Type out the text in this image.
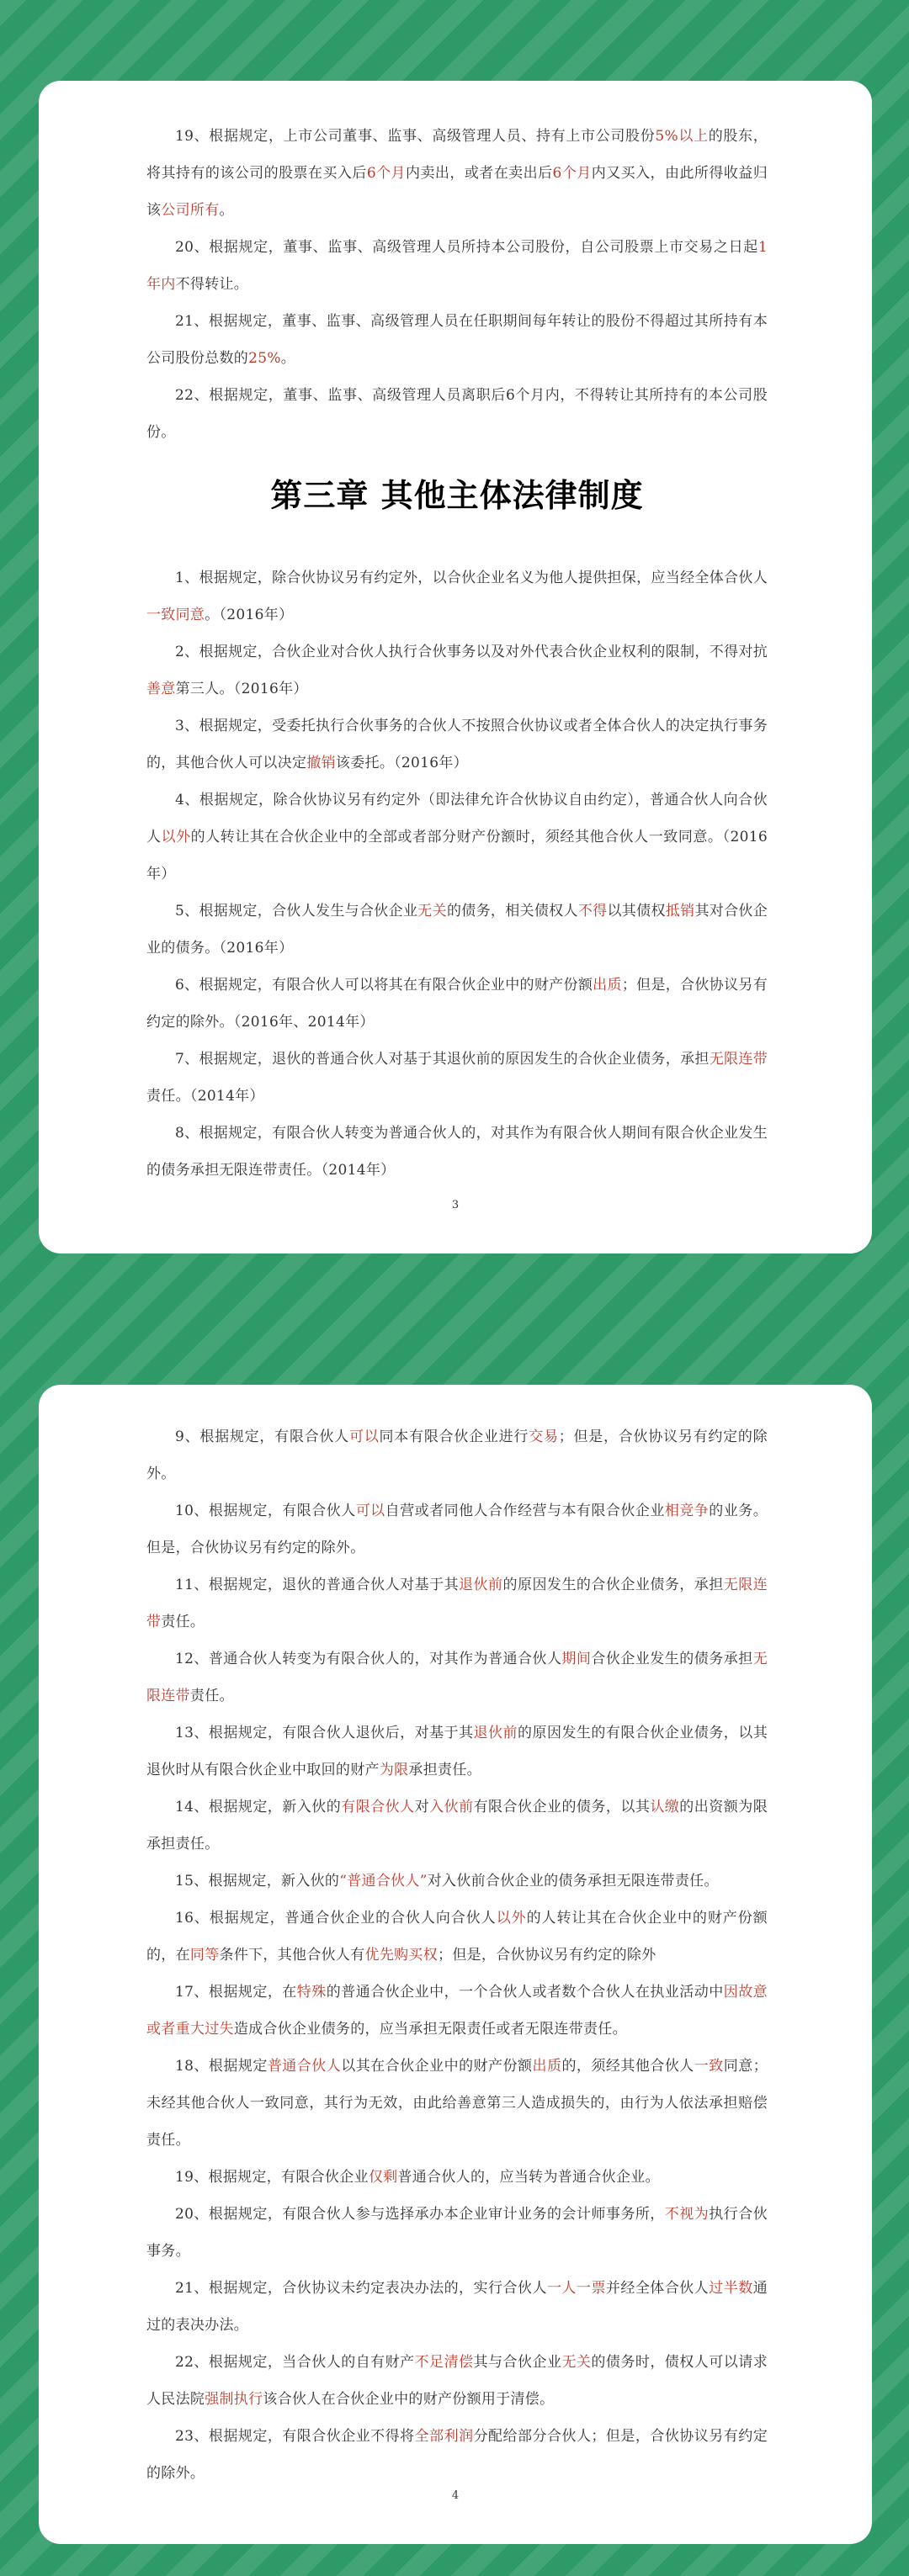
19、根据规定，上市公司董事、监事、高级管理人员、持有上市公司股份5%以上的股东，将其持有的该公司的股票在买入后6个月内卖出，或者在卖出后6个月内又买入，由此所得收益归该公司所有。

20、根据规定，董事、监事、高级管理人员所持本公司股份，自公司股票上市交易之日起1年内不得转让。

21、根据规定，董事、监事、高级管理人员在任职期间每年转让的股份不得超过其所持有本公司股份总数的25%。

22、根据规定，董事、监事、高级管理人员离职后6个月内，不得转让其所持有的本公司股份。

第三章 其他主体法律制度

1、根据规定，除合伙协议另有约定外，以合伙企业名义为他人提供担保，应当经全体合伙人一致同意。（2016年）

2、根据规定，合伙企业对合伙人执行合伙事务以及对外代表合伙企业权利的限制，不得对抗善意第三人。（2016年）

3、根据规定，受委托执行合伙事务的合伙人不按照合伙协议或者全体合伙人的决定执行事务的，其他合伙人可以决定撤销该委托。（2016年）

4、根据规定，除合伙协议另有约定外（即法律允许合伙协议自由约定），普通合伙人向合伙人以外的人转让其在合伙企业中的全部或者部分财产份额时，须经其他合伙人一致同意。（2016年）

5、根据规定，合伙人发生与合伙企业无关的债务，相关债权人不得以其债权抵销其对合伙企业的债务。（2016年）

6、根据规定，有限合伙人可以将其在有限合伙企业中的财产份额出质；但是，合伙协议另有约定的除外。（2016年、2014年）

7、根据规定，退伙的普通合伙人对基于其退伙前的原因发生的合伙企业债务，承担无限连带责任。（2014年）

8、根据规定，有限合伙人转变为普通合伙人的，对其作为有限合伙人期间有限合伙企业发生的债务承担无限连带责任。（2014年）

3

9、根据规定，有限合伙人可以同本有限合伙企业进行交易；但是，合伙协议另有约定的除外。

10、根据规定，有限合伙人可以自营或者同他人合作经营与本有限合伙企业相竞争的业务。但是，合伙协议另有约定的除外。

11、根据规定，退伙的普通合伙人对基于其退伙前的原因发生的合伙企业债务，承担无限连带责任。

12、普通合伙人转变为有限合伙人的，对其作为普通合伙人期间合伙企业发生的债务承担无限连带责任。

13、根据规定，有限合伙人退伙后，对基于其退伙前的原因发生的有限合伙企业债务，以其退伙时从有限合伙企业中取回的财产为限承担责任。

14、根据规定，新入伙的有限合伙人对入伙前有限合伙企业的债务，以其认缴的出资额为限承担责任。

15、根据规定，新入伙的“普通合伙人”对入伙前合伙企业的债务承担无限连带责任。

16、根据规定，普通合伙企业的合伙人向合伙人以外的人转让其在合伙企业中的财产份额的，在同等条件下，其他合伙人有优先购买权；但是，合伙协议另有约定的除外

17、根据规定，在特殊的普通合伙企业中，一个合伙人或者数个合伙人在执业活动中因故意或者重大过失造成合伙企业债务的，应当承担无限责任或者无限连带责任。

18、根据规定普通合伙人以其在合伙企业中的财产份额出质的，须经其他合伙人一致同意；未经其他合伙人一致同意，其行为无效，由此给善意第三人造成损失的，由行为人依法承担赔偿责任。

19、根据规定，有限合伙企业仅剩普通合伙人的，应当转为普通合伙企业。

20、根据规定，有限合伙人参与选择承办本企业审计业务的会计师事务所，不视为执行合伙事务。

21、根据规定，合伙协议未约定表决办法的，实行合伙人一人一票并经全体合伙人过半数通过的表决办法。

22、根据规定，当合伙人的自有财产不足清偿其与合伙企业无关的债务时，债权人可以请求人民法院强制执行该合伙人在合伙企业中的财产份额用于清偿。

23、根据规定，有限合伙企业不得将全部利润分配给部分合伙人；但是，合伙协议另有约定的除外。

4
